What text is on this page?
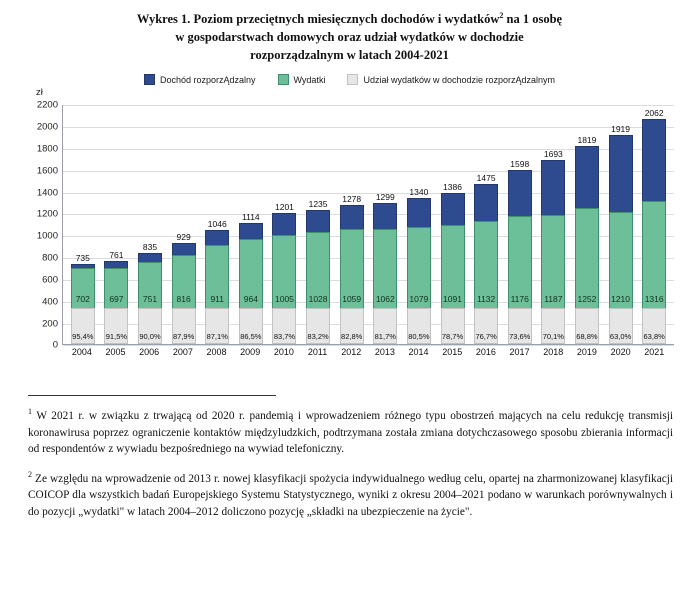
Wykres 1. Poziom przeciętnych miesięcznych dochodów i wydatków$^2$ na 1 osobę
w gospodarstwach domowych oraz udział wydatków w dochodzie
rozporządzalnym w latach 2004-2021
Dochód rozporzĄdzalny	Wydatki	Udział wydatków w dochodzie rozporzĄdzalnym
zł
2200
2000
1800
1600
1400
1200
1000
800
600
400
200
0
735
95,4%
702
761
91,5%
697
835
90,0%
751
929
87,9%
816
1046
87,1%
911
1114
86,5%
964
1201
83,7%
1005
1235
83,2%
1028
1278
82,8%
1059
1299
81,7%
1062
1340
80,5%
1079
1386
78,7%
1091
1475
76,7%
1132
1598
73,6%
1176
1693
70,1%
1187
1819
68,8%
1252
1919
63,0%
1210
2062
63,8%
1316
2004	2005	2006	2007	2008	2009	2010	2011	2012	2013	2014	2015	2016	2017	2018	2019	2020	2021

$^1$ W 2021 r. w związku z trwającą od 2020 r. pandemią i wprowadzeniem różnego typu obostrzeń mających na celu redukcję transmisji koronawirusa poprzez ograniczenie kontaktów międzyludzkich, podtrzymana została zmiana dotychczasowego sposobu zbierania informacji od respondentów z wywiadu bezpośredniego na wywiad telefoniczny.

$^2$ Ze względu na wprowadzenie od 2013 r. nowej klasyfikacji spożycia indywidualnego według celu, opartej na zharmonizowanej klasyfikacji COICOP dla wszystkich badań Europejskiego Systemu Statystycznego, wyniki z okresu 2004–2021 podano w warunkach porównywalnych i do pozycji „wydatki" w latach 2004–2012 doliczono pozycję „składki na ubezpieczenie na życie".
